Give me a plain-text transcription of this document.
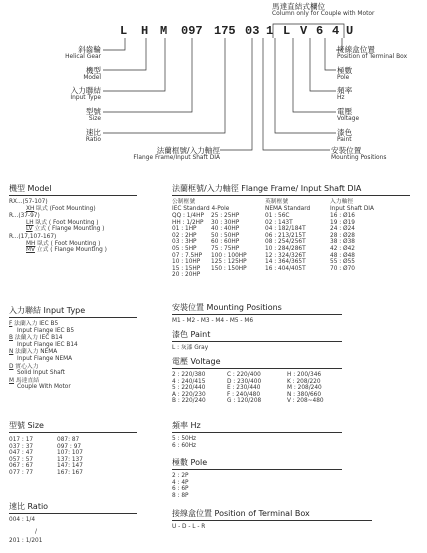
馬達直結式欄位
Column only for Couple with Motor
L H M 097 175 03 1 L V 6 4 U
斜齒輪
Helical Gear
機型
Model
入力聯結
Input Type
型號
Size
速比
Ratio
法蘭框號/入力軸徑
Flange Frame/Input Shaft DIA
接線盒位置
Position of Terminal Box
極數
Pole
頻率
Hz
電壓
Voltage
漆色
Paint
安裝位置
Mounting Positions
機型 Model
RX...(57-107)
XH 臥式 (Foot Mounting)
R...(37-97)
LH 臥式 ( Foot Mounting )
LV 立式 ( Flange Mounting )
R...(17,107-167)
MH 臥式 ( Foot Mounting )
MV 立式 ( Flange Mounting )
入力聯結 Input Type
F 法蘭入力 IEC B5
Input Flange IEC B5
B 法蘭入力 IEC B14
Input Flange IEC B14
N 法蘭入力 NEMA
Input Flange NEMA
D 實心入力
Solid Input Shaft
M 馬達直結
Couple With Motor
型號 Size
017 : 17
037 : 37
047 : 47
057 : 57
067 : 67
077 : 77
087: 87
097 : 97
107: 107
137: 137
147: 147
167: 167
速比 Ratio
004 : 1/4
/
201 : 1/201
法蘭框號/入力軸徑 Flange Frame/ Input Shaft DIA
公制框號
IEC Standard 4-Pole
QQ : 1/4HP
HH : 1/2HP
01 : 1HP
02 : 2HP
03 : 3HP
05 : 5HP
07 : 7.5HP
10 : 10HP
15 : 15HP
20 : 20HP
25 : 25HP
30 : 30HP
40 : 40HP
50 : 50HP
60 : 60HP
75 : 75HP
100 : 100HP
125 : 125HP
150 : 150HP
英制框號
NEMA Standard
01 : 56C
02 : 143T
04 : 182/184T
06 : 213/215T
08 : 254/256T
10 : 284/286T
12 : 324/326T
14 : 364/365T
16 : 404/405T
入力軸徑
Input Shaft DIA
16 : Ø16
19 : Ø19
24 : Ø24
28 : Ø28
38 : Ø38
42 : Ø42
48 : Ø48
55 : Ø55
70 : Ø70
安裝位置 Mounting Positions
M1 - M2 - M3 - M4 - M5 - M6
漆色 Paint
L : 灰漆 Gray
電壓 Voltage
2 : 220/380
4 : 240/415
5 : 220/440
A : 220/230
B : 220/240
C : 220/400
D : 230/400
E : 230/440
F : 240/480
G : 120/208
H : 200/346
K : 208/220
M : 208/240
N : 380/660
V : 208~480
頻率 Hz
5 : 50Hz
6 : 60Hz
極數 Pole
2 : 2P
4 : 4P
6 : 6P
8 : 8P
接線盒位置 Position of Terminal Box
U - D - L - R
